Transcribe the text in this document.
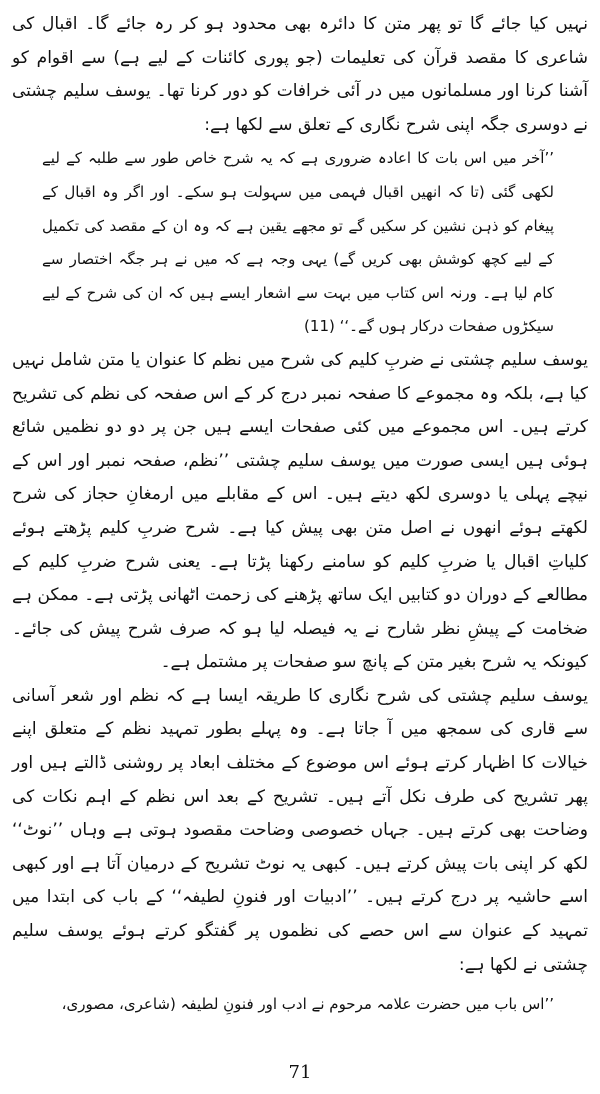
نہیں کیا جائے گا تو پھر متن کا دائرہ بھی محدود ہو کر رہ جائے گا۔ اقبال کی شاعری کا مقصد قرآن کی تعلیمات (جو پوری کائنات کے لیے ہے) سے اقوام کو آشنا کرنا اور مسلمانوں میں در آئی خرافات کو دور کرنا تھا۔ یوسف سلیم چشتی نے دوسری جگہ اپنی شرح نگاری کے تعلق سے لکھا ہے:

’’آخر میں اس بات کا اعادہ ضروری ہے کہ یہ شرح خاص طور سے طلبہ کے لیے لکھی گئی (تا کہ انھیں اقبال فہمی میں سہولت ہو سکے۔ اور اگر وہ اقبال کے پیغام کو ذہن نشین کر سکیں گے تو مجھے یقین ہے کہ وہ ان کے مقصد کی تکمیل کے لیے کچھ کوشش بھی کریں گے) یہی وجہ ہے کہ میں نے ہر جگہ اختصار سے کام لیا ہے۔ ورنہ اس کتاب میں بہت سے اشعار ایسے ہیں کہ ان کی شرح کے لیے سیکڑوں صفحات درکار ہوں گے۔‘‘ (11)

یوسف سلیم چشتی نے ضربِ کلیم کی شرح میں نظم کا عنوان یا متن شامل نہیں کیا ہے، بلکہ وہ مجموعے کا صفحہ نمبر درج کر کے اس صفحہ کی نظم کی تشریح کرتے ہیں۔ اس مجموعے میں کئی صفحات ایسے ہیں جن پر دو دو نظمیں شائع ہوئی ہیں ایسی صورت میں یوسف سلیم چشتی ’’نظم، صفحہ نمبر اور اس کے نیچے پہلی یا دوسری لکھ دیتے ہیں۔ اس کے مقابلے میں ارمغانِ حجاز کی شرح لکھتے ہوئے انھوں نے اصل متن بھی پیش کیا ہے۔ شرح ضربِ کلیم پڑھتے ہوئے کلیاتِ اقبال یا ضربِ کلیم کو سامنے رکھنا پڑتا ہے۔ یعنی شرح ضربِ کلیم کے مطالعے کے دوران دو کتابیں ایک ساتھ پڑھنے کی زحمت اٹھانی پڑتی ہے۔ ممکن ہے ضخامت کے پیشِ نظر شارح نے یہ فیصلہ لیا ہو کہ صرف شرح پیش کی جائے۔ کیونکہ یہ شرح بغیر متن کے پانچ سو صفحات پر مشتمل ہے۔

یوسف سلیم چشتی کی شرح نگاری کا طریقہ ایسا ہے کہ نظم اور شعر آسانی سے قاری کی سمجھ میں آ جاتا ہے۔ وہ پہلے بطور تمہید نظم کے متعلق اپنے خیالات کا اظہار کرتے ہوئے اس موضوع کے مختلف ابعاد پر روشنی ڈالتے ہیں اور پھر تشریح کی طرف نکل آتے ہیں۔ تشریح کے بعد اس نظم کے اہم نکات کی وضاحت بھی کرتے ہیں۔ جہاں خصوصی وضاحت مقصود ہوتی ہے وہاں ’’نوٹ‘‘ لکھ کر اپنی بات پیش کرتے ہیں۔ کبھی یہ نوٹ تشریح کے درمیان آتا ہے اور کبھی اسے حاشیہ پر درج کرتے ہیں۔ ’’ادبیات اور فنونِ لطیفہ‘‘ کے باب کی ابتدا میں تمہید کے عنوان سے اس حصے کی نظموں پر گفتگو کرتے ہوئے یوسف سلیم چشتی نے لکھا ہے:

’’اس باب میں حضرت علامہ مرحوم نے ادب اور فنونِ لطیفہ (شاعری، مصوری،

71
